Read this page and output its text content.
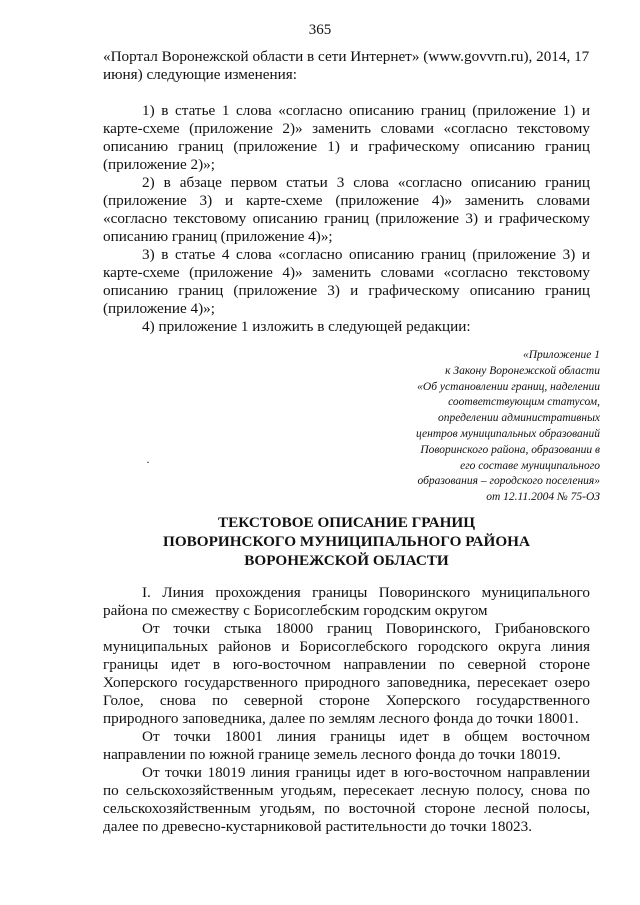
365
«Портал Воронежской области в сети Интернет» (www.govvrn.ru), 2014, 17
июня) следующие изменения:

1) в статье 1 слова «согласно описанию границ (приложение 1) и карте-схеме (приложение 2)» заменить словами «согласно текстовому описанию границ (приложение 1) и графическому описанию границ (приложение 2)»;

2) в абзаце первом статьи 3 слова «согласно описанию границ (приложение 3) и карте-схеме (приложение 4)» заменить словами «согласно текстовому описанию границ (приложение 3) и графическому описанию границ (приложение 4)»;

3) в статье 4 слова «согласно описанию границ (приложение 3) и карте-схеме (приложение 4)» заменить словами «согласно текстовому описанию границ (приложение 3) и графическому описанию границ (приложение 4)»;

4) приложение 1 изложить в следующей редакции:

«Приложение 1
к Закону Воронежской области
«Об установлении границ, наделении
соответствующим статусом,
определении административных
центров муниципальных образований
Поворинского района, образовании в
его составе муниципального
образования – городского поселения»
от 12.11.2004 № 75-ОЗ
·
ТЕКСТОВОЕ ОПИСАНИЕ ГРАНИЦ
ПОВОРИНСКОГО МУНИЦИПАЛЬНОГО РАЙОНА
ВОРОНЕЖСКОЙ ОБЛАСТИ

I. Линия прохождения границы Поворинского муниципального района по смежеству с Борисоглебским городским округом

От точки стыка 18000 границ Поворинского, Грибановского муниципальных районов и Борисоглебского городского округа линия границы идет в юго-восточном направлении по северной стороне Хоперского государственного природного заповедника, пересекает озеро Голое, снова по северной стороне Хоперского государственного природного заповедника, далее по землям лесного фонда до точки 18001.

От точки 18001 линия границы идет в общем восточном направлении по южной границе земель лесного фонда до точки 18019.

От точки 18019 линия границы идет в юго-восточном направлении по сельскохозяйственным угодьям, пересекает лесную полосу, снова по сельскохозяйственным угодьям, по восточной стороне лесной полосы, далее по древесно-кустарниковой растительности до точки 18023.
